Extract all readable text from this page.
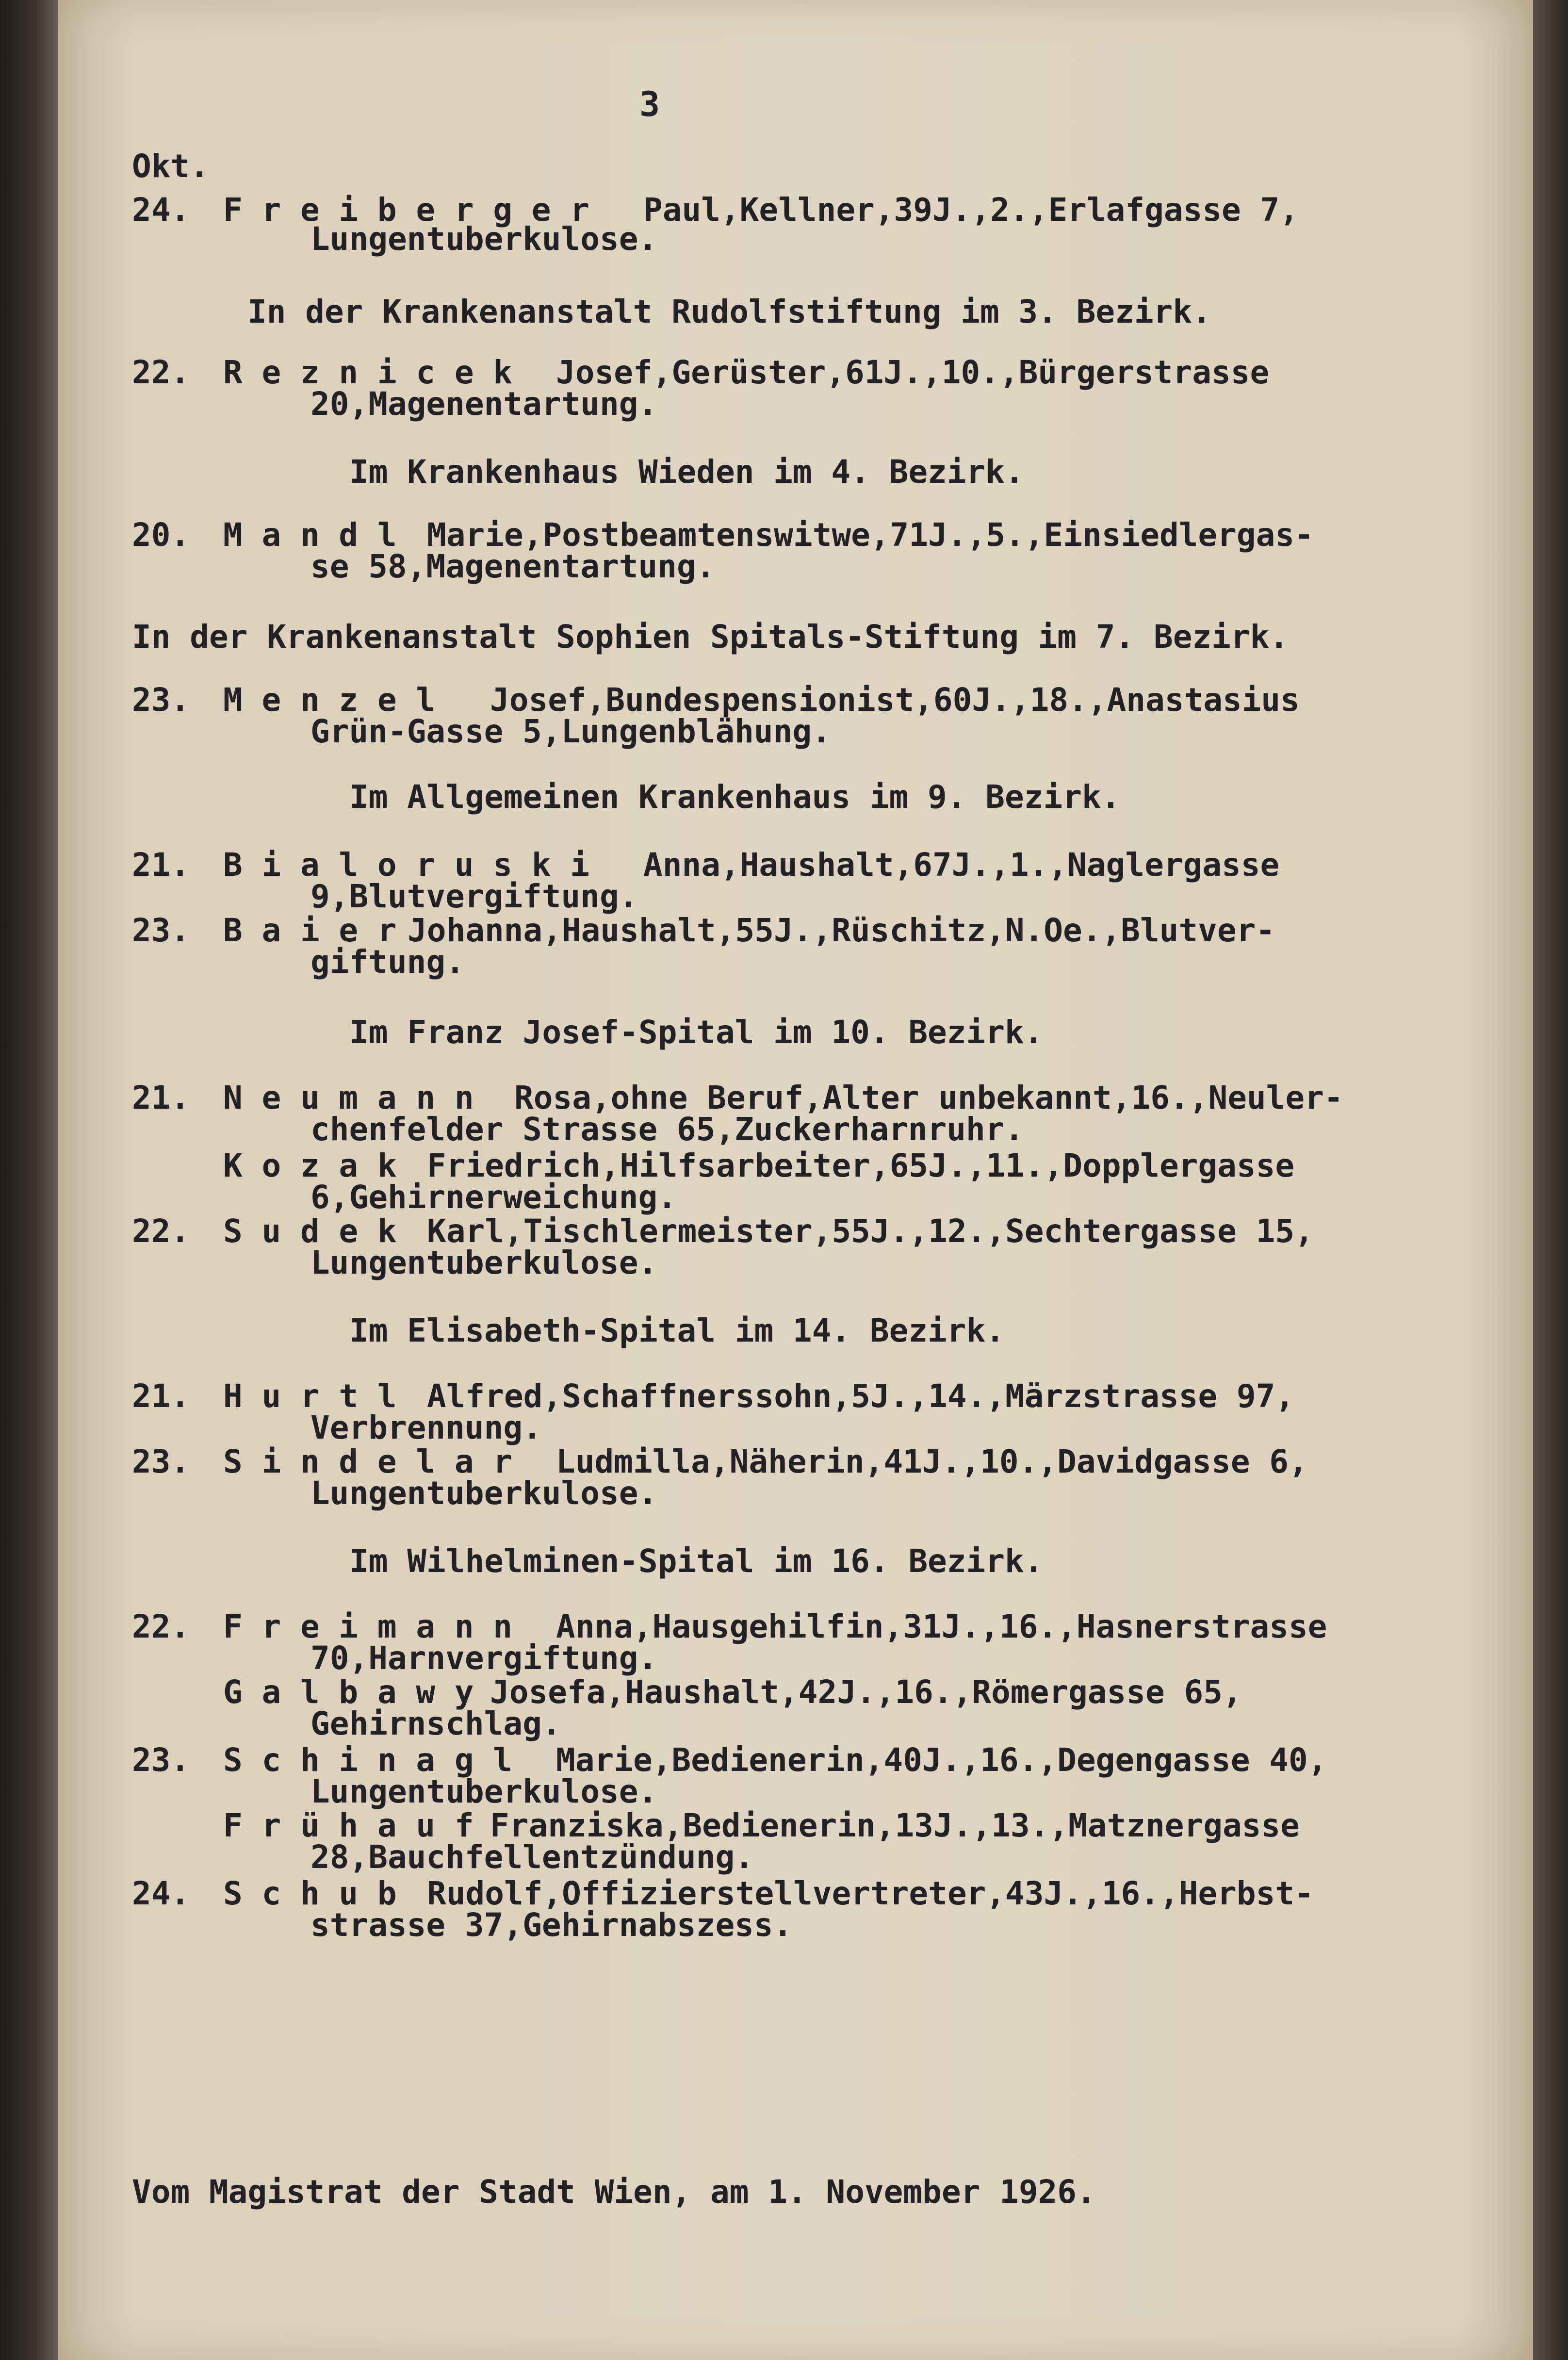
3
Okt.
24. F r e i b e r g e r Paul,Kellner,39J.,2.,Erlafgasse 7,
Lungentuberkulose.
In der Krankenanstalt Rudolfstiftung im 3. Bezirk.
22. R e z n i c e k Josef,Gerüster,61J.,10.,Bürgerstrasse
20,Magenentartung.
Im Krankenhaus Wieden im 4. Bezirk.
20. M a n d l Marie,Postbeamtenswitwe,71J.,5.,Einsiedlergas-
se 58,Magenentartung.
In der Krankenanstalt Sophien Spitals-Stiftung im 7. Bezirk.
23. M e n z e l Josef,Bundespensionist,60J.,18.,Anastasius
Grün-Gasse 5,Lungenblähung.
Im Allgemeinen Krankenhaus im 9. Bezirk.
21. B i a l o r u s k i Anna,Haushalt,67J.,1.,Naglergasse
9,Blutvergiftung.
23. B a i e r Johanna,Haushalt,55J.,Rüschitz,N.Oe.,Blutver-
giftung.
Im Franz Josef-Spital im 10. Bezirk.
21. N e u m a n n Rosa,ohne Beruf,Alter unbekannt,16.,Neuler-
chenfelder Strasse 65,Zuckerharnruhr.
K o z a k Friedrich,Hilfsarbeiter,65J.,11.,Dopplergasse
6,Gehirnerweichung.
22. S u d e k Karl,Tischlermeister,55J.,12.,Sechtergasse 15,
Lungentuberkulose.
Im Elisabeth-Spital im 14. Bezirk.
21. H u r t l Alfred,Schaffnerssohn,5J.,14.,Märzstrasse 97,
Verbrennung.
23. S i n d e l a r Ludmilla,Näherin,41J.,10.,Davidgasse 6,
Lungentuberkulose.
Im Wilhelminen-Spital im 16. Bezirk.
22. F r e i m a n n Anna,Hausgehilfin,31J.,16.,Hasnerstrasse
70,Harnvergiftung.
G a l b a w y Josefa,Haushalt,42J.,16.,Römergasse 65,
Gehirnschlag.
23. S c h i n a g l Marie,Bedienerin,40J.,16.,Degengasse 40,
Lungentuberkulose.
F r ü h a u f Franziska,Bedienerin,13J.,13.,Matznergasse
28,Bauchfellentzündung.
24. S c h u b Rudolf,Offizierstellvertreter,43J.,16.,Herbst-
strasse 37,Gehirnabszess.
Vom Magistrat der Stadt Wien, am 1. November 1926.
